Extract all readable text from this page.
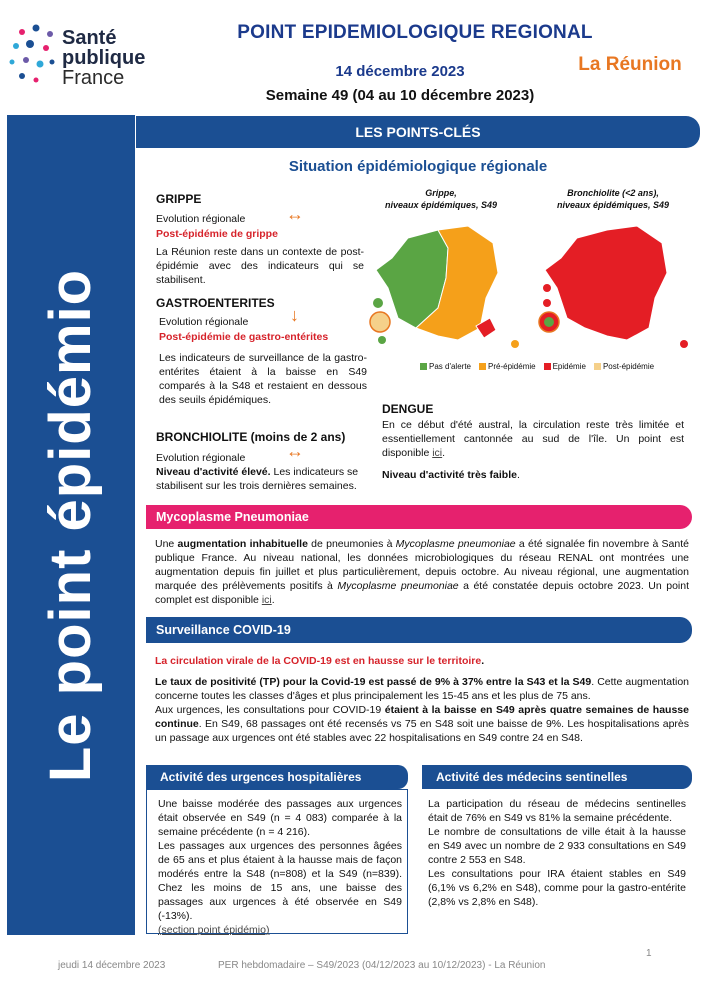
Santé
publique
France
POINT EPIDEMIOLOGIQUE REGIONAL
14 décembre 2023	La Réunion
Semaine 49 (04 au 10 décembre 2023)
Le point épidémio
LES POINTS-CLÉS
Situation épidémiologique régionale
GRIPPE
Evolution régionale ↔
Post-épidémie de grippe
La Réunion reste dans un contexte de post-épidémie avec des indicateurs qui se stabilisent.
GASTROENTERITES
Evolution régionale ↓
Post-épidémie de gastro-entérites
Les indicateurs de surveillance de la gastro-entérites étaient à la baisse en S49 comparés à la S48 et restaient en dessous des seuils épidémiques.
BRONCHIOLITE (moins de 2 ans)
Evolution régionale ↔
Niveau d'activité élevé. Les indicateurs se stabilisent sur les trois dernières semaines.
Grippe,
niveaux épidémiques, S49
Bronchiolite (<2 ans),
niveaux épidémiques, S49
Pas d'alerte	Pré-épidémie	Epidémie	Post-épidémie
DENGUE
En ce début d'été austral, la circulation reste très limitée et essentiellement cantonnée au sud de l'île. Un point est disponible ici.
Niveau d'activité très faible.
Mycoplasme Pneumoniae
Une augmentation inhabituelle de pneumonies à Mycoplasme pneumoniae a été signalée fin novembre à Santé publique France. Au niveau national, les données microbiologiques du réseau RENAL ont montrées une augmentation depuis fin juillet et plus particulièrement, depuis octobre. Au niveau régional, une augmentation marquée des prélèvements positifs à Mycoplasme pneumoniae a été constatée depuis octobre 2023. Un point complet est disponible ici.
Surveillance COVID-19
La circulation virale de la COVID-19 est en hausse sur le territoire.
Le taux de positivité (TP) pour la Covid-19 est passé de 9% à 37% entre la S43 et la S49. Cette augmentation concerne toutes les classes d'âges et plus principalement les 15-45 ans et les plus de 75 ans.
Aux urgences, les consultations pour COVID-19 étaient à la baisse en S49 après quatre semaines de hausse continue. En S49, 68 passages ont été recensés vs 75 en S48 soit une baisse de 9%. Les hospitalisations après un passage aux urgences ont été stables avec 22 hospitalisations en S49 contre 24 en S48.
Activité des urgences hospitalières
Une baisse modérée des passages aux urgences était observée en S49 (n = 4 083) comparée à la semaine précédente (n = 4 216).
Les passages aux urgences des personnes âgées de 65 ans et plus étaient à la hausse mais de façon modérés entre la S48 (n=808) et la S49 (n=839). Chez les moins de 15 ans, une baisse des passages aux urgences à été observée en S49 (-13%).
(section point épidémio)
Activité des médecins sentinelles
La participation du réseau de médecins sentinelles était de 76% en S49 vs 81% la semaine précédente.
Le nombre de consultations de ville était à la hausse en S49 avec un nombre de 2 933 consultations en S49 contre 2 553 en S48.
Les consultations pour IRA étaient stables en S49 (6,1% vs 6,2% en S48), comme pour la gastro-entérite (2,8% vs 2,8% en S48).
1
jeudi 14 décembre 2023	PER hebdomadaire – S49/2023 (04/12/2023 au 10/12/2023) - La Réunion
